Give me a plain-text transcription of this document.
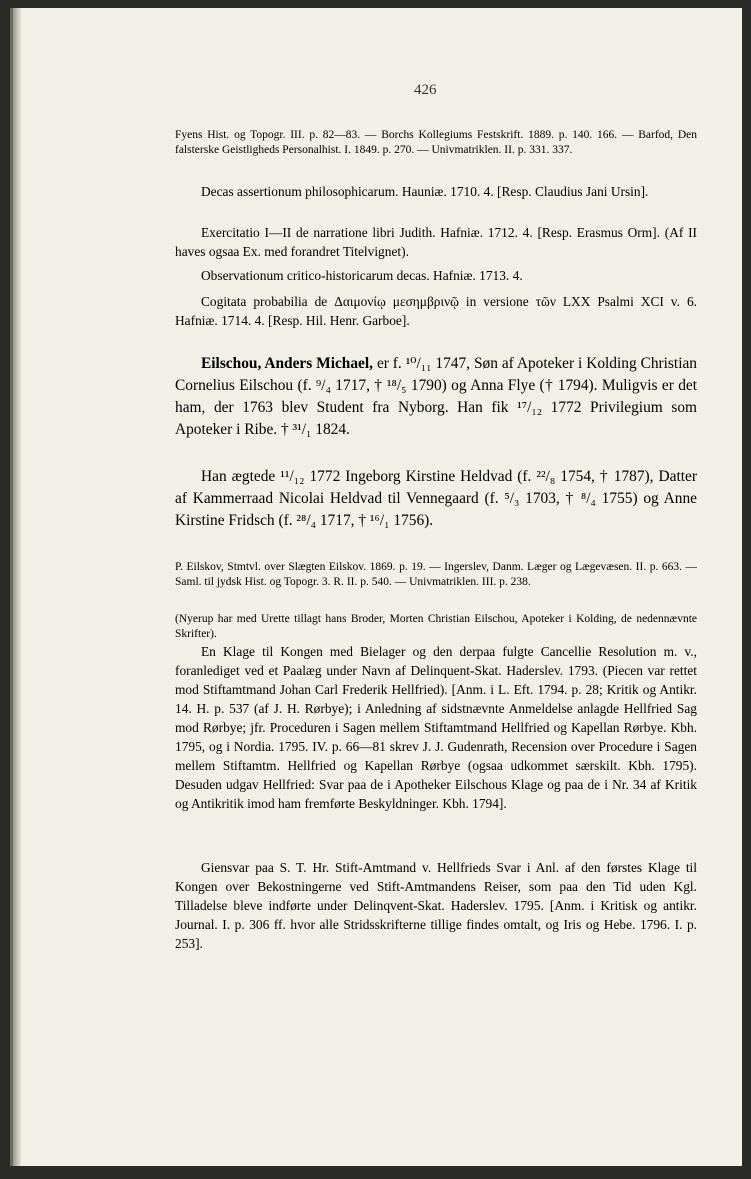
426

Fyens Hist. og Topogr. III. p. 82—83. — Borchs Kollegiums Festskrift. 1889. p. 140. 166. — Barfod, Den falsterske Geistligheds Personalhist. I. 1849. p. 270. — Univmatriklen. II. p. 331. 337.

Decas assertionum philosophicarum. Hauniæ. 1710. 4. [Resp. Claudius Jani Ursin].

Exercitatio I—II de narratione libri Judith. Hafniæ. 1712. 4. [Resp. Erasmus Orm]. (Af II haves ogsaa Ex. med forandret Titelvignet).

Observationum critico-historicarum decas. Hafniæ. 1713. 4.

Cogitata probabilia de Δαιμονίῳ μεσημβρινῷ in versione τῶν LXX Psalmi XCI v. 6. Hafniæ. 1714. 4. [Resp. Hil. Henr. Garboe].

Eilschou, Anders Michael, er f. ¹⁰/₁₁ 1747, Søn af Apoteker i Kolding Christian Cornelius Eilschou (f. ⁹/₄ 1717, † ¹⁸/₅ 1790) og Anna Flye († 1794). Muligvis er det ham, der 1763 blev Student fra Nyborg. Han fik ¹⁷/₁₂ 1772 Privilegium som Apoteker i Ribe. † ³¹/₁ 1824.

Han ægtede ¹¹/₁₂ 1772 Ingeborg Kirstine Heldvad (f. ²²/₈ 1754, † 1787), Datter af Kammerraad Nicolai Heldvad til Vennegaard (f. ⁵/₃ 1703, † ⁸/₄ 1755) og Anne Kirstine Fridsch (f. ²⁸/₄ 1717, † ¹⁶/₁ 1756).

P. Eilskov, Stmtvl. over Slægten Eilskov. 1869. p. 19. — Ingerslev, Danm. Læger og Lægevæsen. II. p. 663. — Saml. til jydsk Hist. og Topogr. 3. R. II. p. 540. — Univmatriklen. III. p. 238.

(Nyerup har med Urette tillagt hans Broder, Morten Christian Eilschou, Apoteker i Kolding, de nedennævnte Skrifter).

En Klage til Kongen med Bielager og den derpaa fulgte Cancellie Resolution m. v., foranlediget ved et Paalæg under Navn af Delinquent-Skat. Haderslev. 1793. (Piecen var rettet mod Stiftamtmand Johan Carl Frederik Hellfried). [Anm. i L. Eft. 1794. p. 28; Kritik og Antikr. 14. H. p. 537 (af J. H. Rørbye); i Anledning af sidstnævnte Anmeldelse anlagde Hellfried Sag mod Rørbye; jfr. Proceduren i Sagen mellem Stiftamtmand Hellfried og Kapellan Rørbye. Kbh. 1795, og i Nordia. 1795. IV. p. 66—81 skrev J. J. Gudenrath, Recension over Procedure i Sagen mellem Stiftamtm. Hellfried og Kapellan Rørbye (ogsaa udkommet særskilt. Kbh. 1795). Desuden udgav Hellfried: Svar paa de i Apotheker Eilschous Klage og paa de i Nr. 34 af Kritik og Antikritik imod ham fremførte Beskyldninger. Kbh. 1794].

Giensvar paa S. T. Hr. Stift-Amtmand v. Hellfrieds Svar i Anl. af den førstes Klage til Kongen over Bekostningerne ved Stift-Amtmandens Reiser, som paa den Tid uden Kgl. Tilladelse bleve indførte under Delinqvent-Skat. Haderslev. 1795. [Anm. i Kritisk og antikr. Journal. I. p. 306 ff. hvor alle Stridsskrifterne tillige findes omtalt, og Iris og Hebe. 1796. I. p. 253].
